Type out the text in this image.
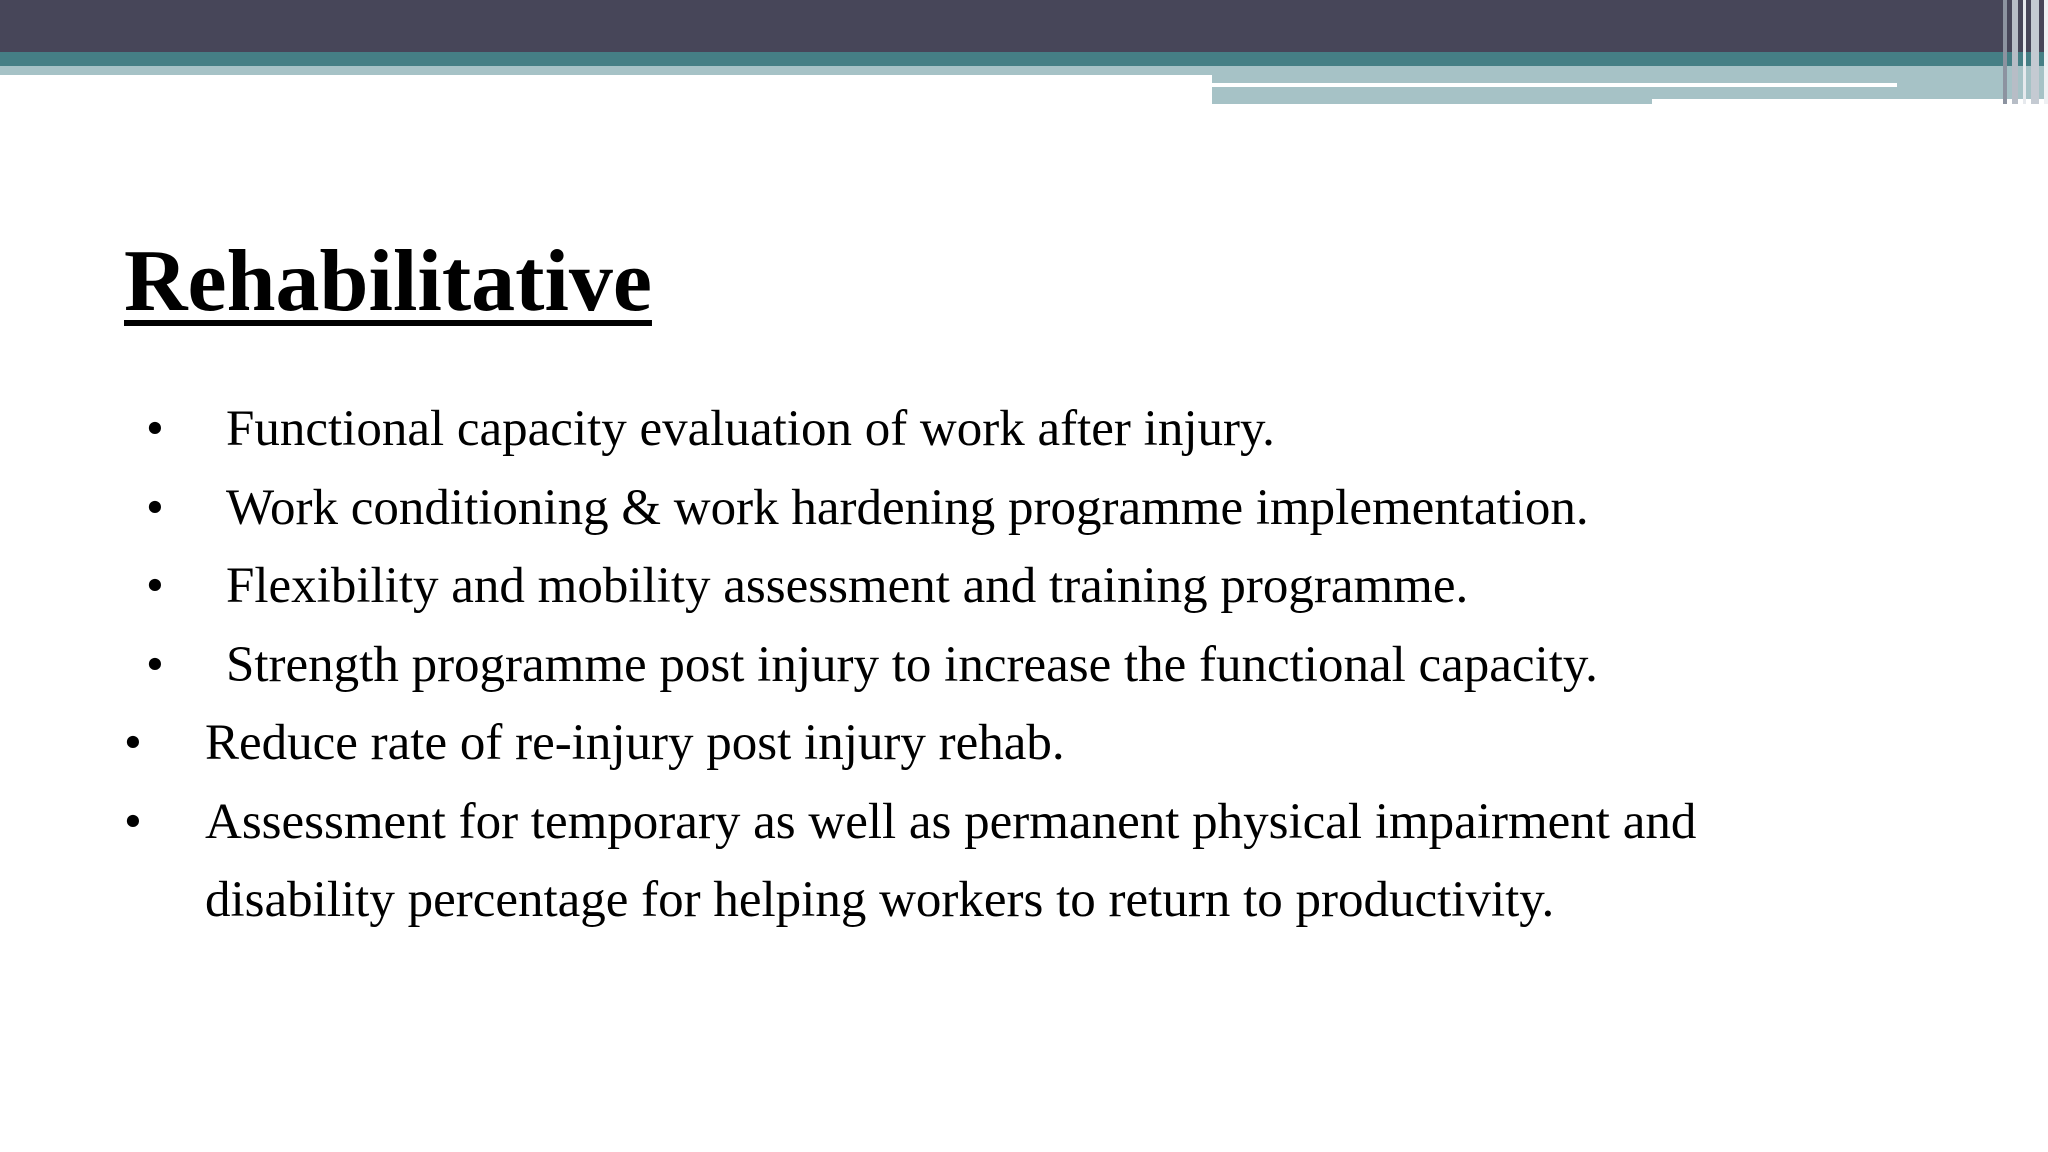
Rehabilitative
•	Functional capacity evaluation of work after injury.
•	Work conditioning & work hardening programme implementation.
•	Flexibility and mobility assessment and training programme.
•	Strength programme post injury to increase the functional capacity.
•	Reduce rate of re-injury post injury rehab.
•	Assessment for temporary as well as permanent physical impairment and
disability percentage for helping workers to return to productivity.
